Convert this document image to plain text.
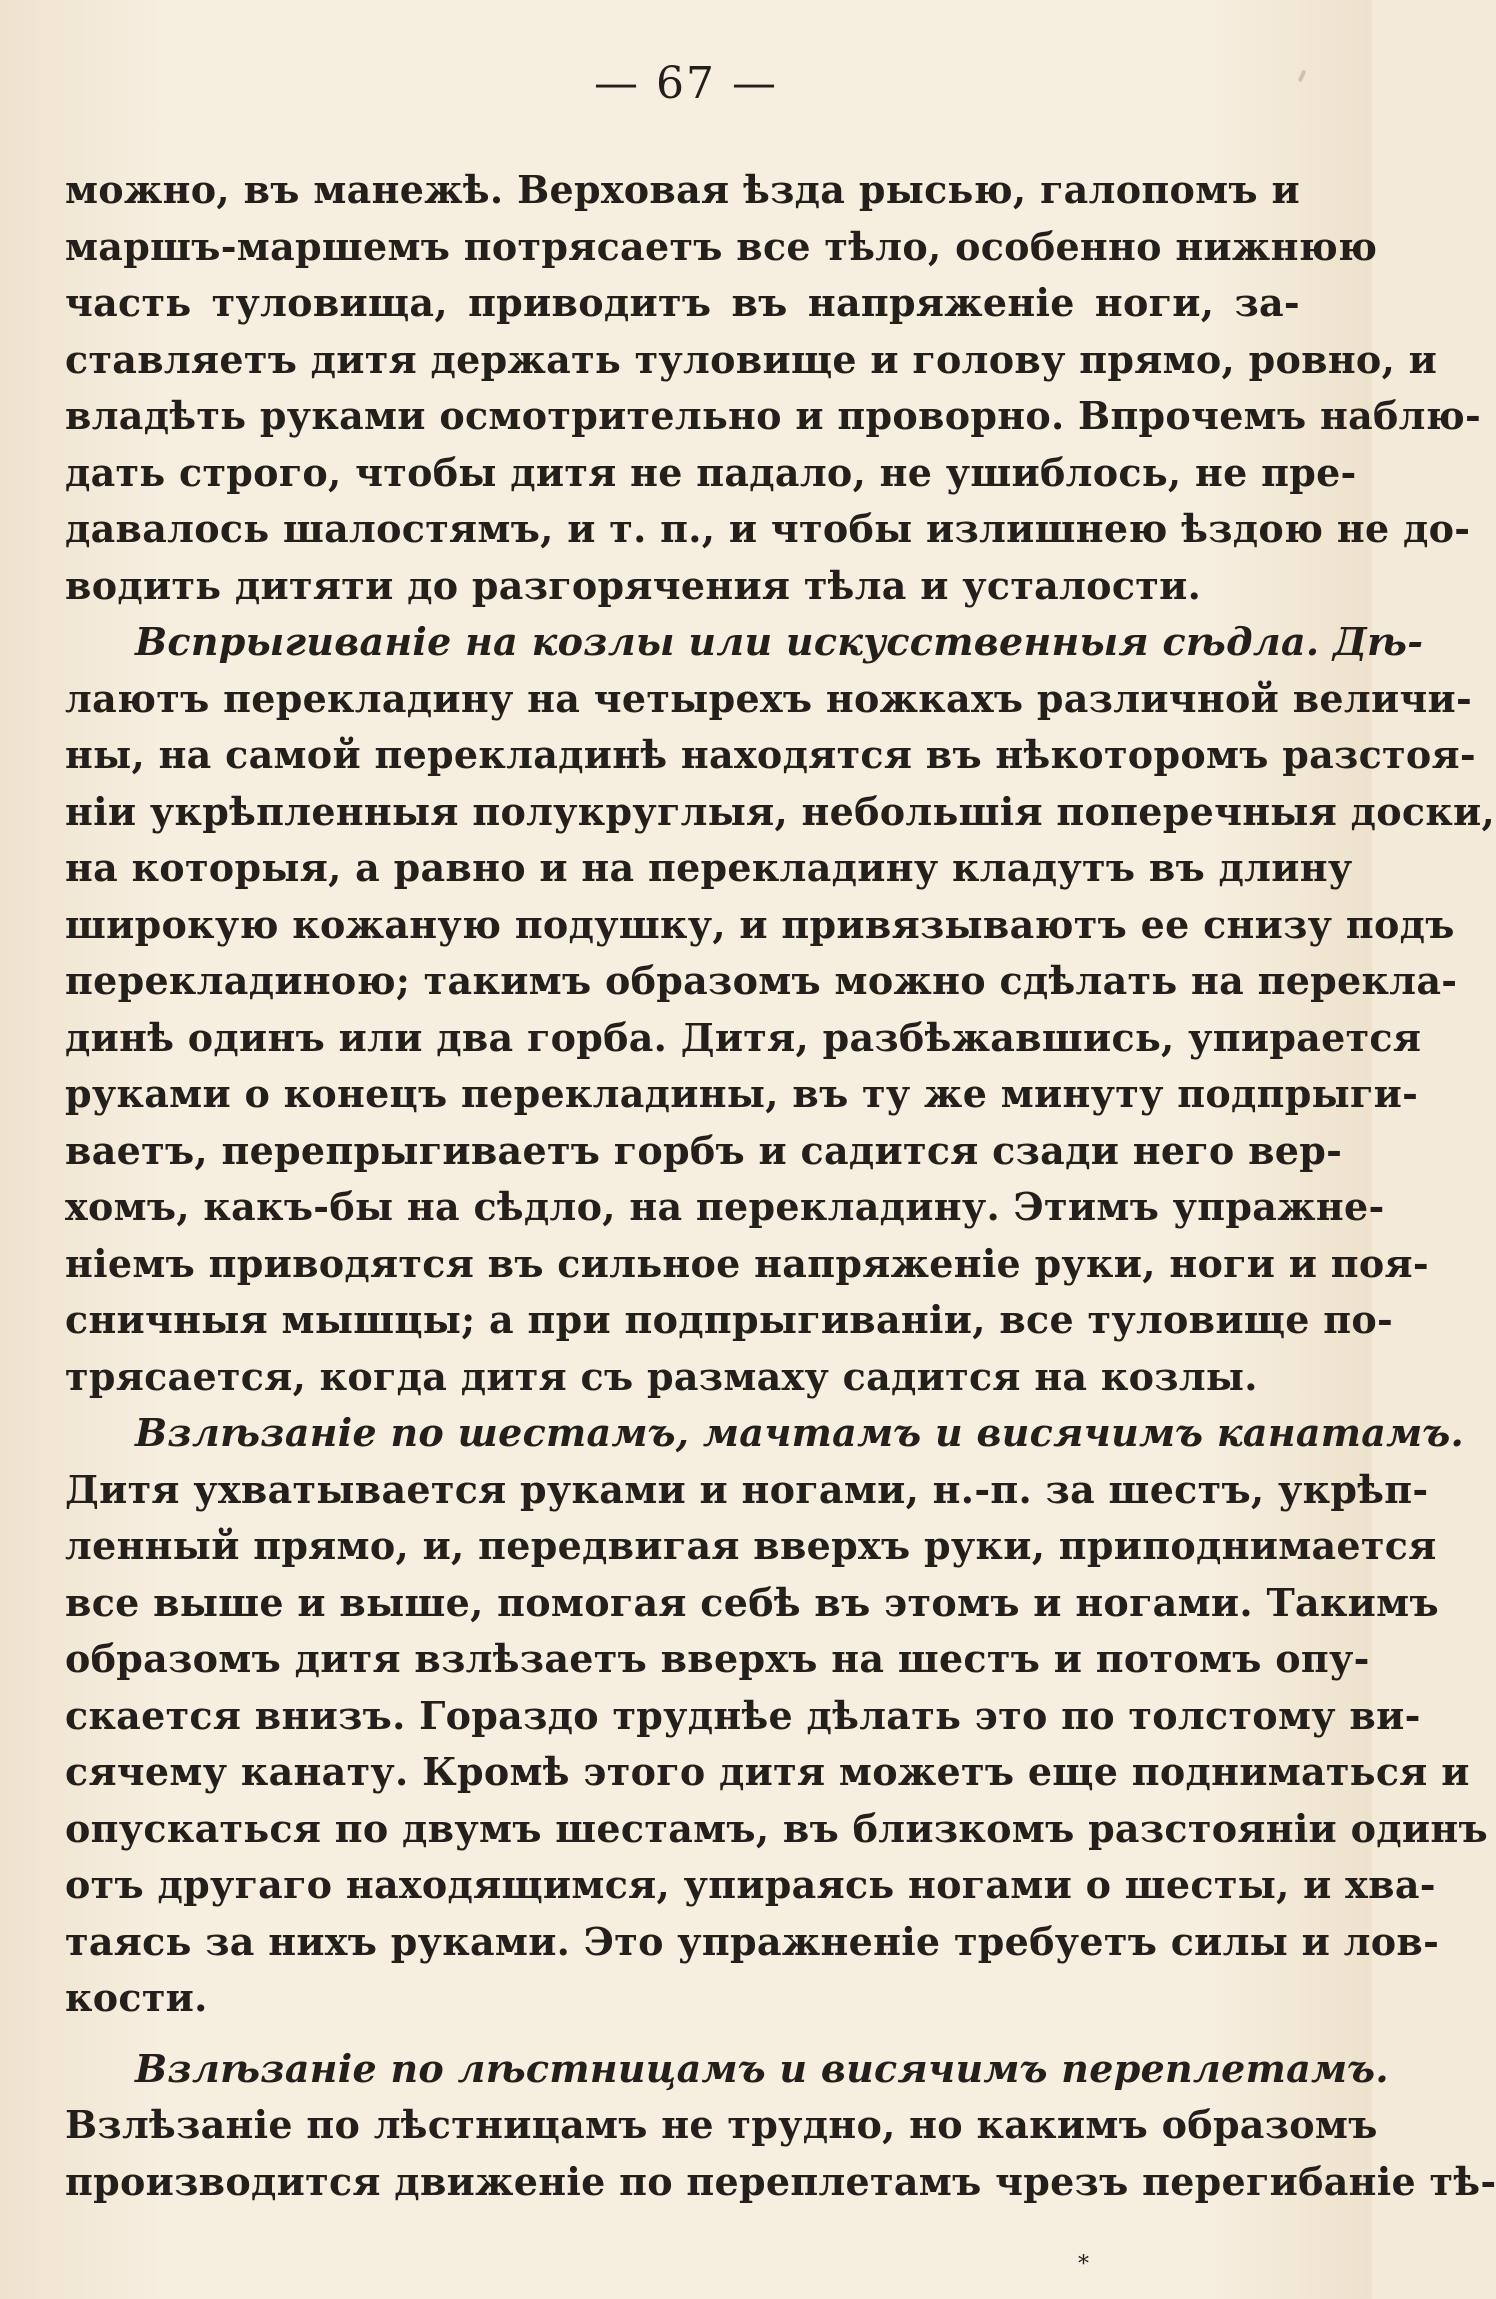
— 67 —
можно, въ манежѣ. Верховая ѣзда рысью, галопомъ и
маршъ-маршемъ потрясаетъ все тѣло, особенно нижнюю
часть туловища, приводитъ въ напряженіе ноги, за-
ставляетъ дитя держать туловище и голову прямо, ровно, и
владѣть руками осмотрительно и проворно. Впрочемъ наблю-
дать строго, чтобы дитя не падало, не ушиблось, не пре-
давалось шалостямъ, и т. п., и чтобы излишнею ѣздою не до-
водить дитяти до разгорячения тѣла и усталости.
Вспрыгиваніе на козлы или искусственныя сѣдла. Дѣ-
лаютъ перекладину на четырехъ ножкахъ различной величи-
ны, на самой перекладинѣ находятся въ нѣкоторомъ разстоя-
ніи укрѣпленныя полукруглыя, небольшія поперечныя доски,
на которыя, а равно и на перекладину кладутъ въ длину
широкую кожаную подушку, и привязываютъ ее снизу подъ
перекладиною; такимъ образомъ можно сдѣлать на перекла-
динѣ одинъ или два горба. Дитя, разбѣжавшись, упирается
руками о конецъ перекладины, въ ту же минуту подпрыги-
ваетъ, перепрыгиваетъ горбъ и садится сзади него вер-
хомъ, какъ-бы на сѣдло, на перекладину. Этимъ упражне-
ніемъ приводятся въ сильное напряженіе руки, ноги и поя-
сничныя мышцы; а при подпрыгиваніи, все туловище по-
трясается, когда дитя съ размаху садится на козлы.
Взлѣзаніе по шестамъ, мачтамъ и висячимъ канатамъ.
Дитя ухватывается руками и ногами, н.-п. за шестъ, укрѣп-
ленный прямо, и, передвигая вверхъ руки, приподнимается
все выше и выше, помогая себѣ въ этомъ и ногами. Такимъ
образомъ дитя взлѣзаетъ вверхъ на шестъ и потомъ опу-
скается внизъ. Гораздо труднѣе дѣлать это по толстому ви-
сячему канату. Кромѣ этого дитя можетъ еще подниматься и
опускаться по двумъ шестамъ, въ близкомъ разстояніи одинъ
отъ другаго находящимся, упираясь ногами о шесты, и хва-
таясь за нихъ руками. Это упражненіе требуетъ силы и лов-
кости.
Взлѣзаніе по лѣстницамъ и висячимъ переплетамъ.
Взлѣзаніе по лѣстницамъ не трудно, но какимъ образомъ
производится движеніе по переплетамъ чрезъ перегибаніе тѣ-
*
